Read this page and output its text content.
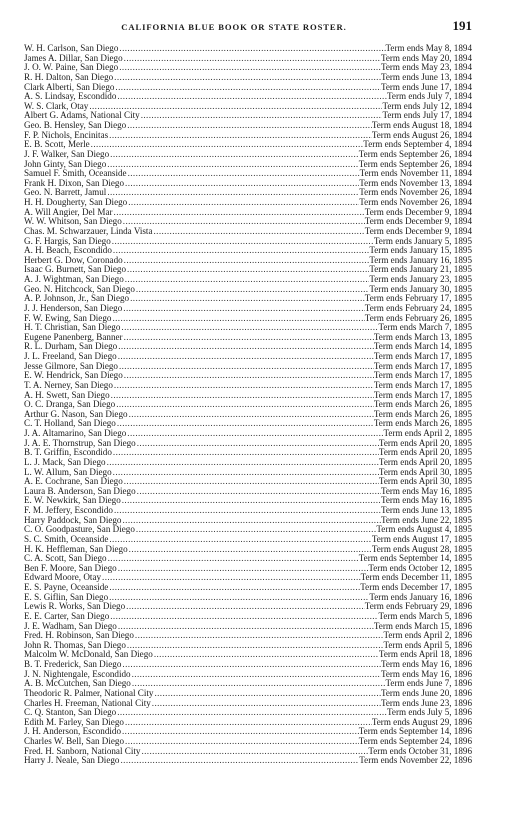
CALIFORNIA BLUE BOOK OR STATE ROSTER.	191
W. H. Carlson, San Diego .....	Term ends May 8, 1894
James A. Dillar, San Diego .....	Term ends May 20, 1894
J. O. W. Paine, San Diego .....	Term ends May 23, 1894
R. H. Dalton, San Diego .....	Term ends June 13, 1894
Clark Alberti, San Diego .....	Term ends June 17, 1894
A. S. Lindsay, Escondido .....	Term ends July 7, 1894
W. S. Clark, Otay .....	Term ends July 12, 1894
Albert G. Adams, National City .....	Term ends July 17, 1894
Geo. B. Hensley, San Diego .....	Term ends August 18, 1894
F. P. Nichols, Encinitas .....	Term ends August 26, 1894
E. B. Scott, Merle .....	Term ends September 4, 1894
J. F. Walker, San Diego .....	Term ends September 26, 1894
John Ginty, San Diego .....	Term ends September 26, 1894
Samuel F. Smith, Oceanside .....	Term ends November 11, 1894
Frank H. Dixon, San Diego .....	Term ends November 13, 1894
Geo. N. Barrett, Jamul .....	Term ends November 26, 1894
H. H. Dougherty, San Diego .....	Term ends November 26, 1894
A. Will Angier, Del Mar .....	Term ends December 9, 1894
W. W. Whitson, San Diego .....	Term ends December 9, 1894
Chas. M. Schwarzauer, Linda Vista .....	Term ends December 9, 1894
G. F. Hargis, San Diego .....	Term ends January 5, 1895
A. H. Beach, Escondido .....	Term ends January 15, 1895
Herbert G. Dow, Coronado .....	Term ends January 16, 1895
Isaac G. Burnett, San Diego .....	Term ends January 21, 1895
A. J. Wightman, San Diego .....	Term ends January 23, 1895
Geo. N. Hitchcock, San Diego .....	Term ends January 30, 1895
A. P. Johnson, Jr., San Diego .....	Term ends February 17, 1895
J. J. Henderson, San Diego .....	Term ends February 24, 1895
F. W. Ewing, San Diego .....	Term ends February 26, 1895
H. T. Christian, San Diego .....	Term ends March 7, 1895
Eugene Panenberg, Banner .....	Term ends March 13, 1895
R. L. Durham, San Diego .....	Term ends March 14, 1895
J. L. Freeland, San Diego .....	Term ends March 17, 1895
Jesse Gilmore, San Diego .....	Term ends March 17, 1895
E. W. Hendrick, San Diego .....	Term ends March 17, 1895
T. A. Nerney, San Diego .....	Term ends March 17, 1895
A. H. Swett, San Diego .....	Term ends March 17, 1895
O. C. Dranga, San Diego .....	Term ends March 26, 1895
Arthur G. Nason, San Diego .....	Term ends March 26, 1895
C. T. Holland, San Diego .....	Term ends March 26, 1895
J. A. Altamarino, San Diego .....	Term ends April 2, 1895
J. A. E. Thornstrup, San Diego .....	Term ends April 20, 1895
B. T. Griffin, Escondido .....	Term ends April 20, 1895
L. J. Mack, San Diego .....	Term ends April 20, 1895
L. W. Allum, San Diego .....	Term ends April 30, 1895
A. E. Cochrane, San Diego .....	Term ends April 30, 1895
Laura B. Anderson, San Diego .....	Term ends May 16, 1895
E. W. Newkirk, San Diego .....	Term ends May 16, 1895
F. M. Jeffery, Escondido .....	Term ends June 13, 1895
Harry Paddock, San Diego .....	Term ends June 22, 1895
C. O. Goodpasture, San Diego .....	Term ends August 4, 1895
S. C. Smith, Oceanside .....	Term ends August 17, 1895
H. K. Heffleman, San Diego .....	Term ends August 28, 1895
C. A. Scott, San Diego .....	Term ends September 14, 1895
Ben F. Moore, San Diego .....	Term ends October 12, 1895
Edward Moore, Otay .....	Term ends December 11, 1895
E. S. Payne, Oceanside .....	Term ends December 17, 1895
E. S. Giflin, San Diego .....	Term ends January 16, 1896
Lewis R. Works, San Diego .....	Term ends February 29, 1896
E. E. Carter, San Diego .....	Term ends March 5, 1896
J. E. Wadham, San Diego .....	Term ends March 15, 1896
Fred. H. Robinson, San Diego .....	Term ends April 2, 1896
John R. Thomas, San Diego .....	Term ends April 5, 1896
Malcolm W. McDonald, San Diego .....	Term ends April 18, 1896
B. T. Frederick, San Diego .....	Term ends May 16, 1896
J. N. Nightengale, Escondido .....	Term ends May 16, 1896
A. B. McCutchen, San Diego .....	Term ends June 7, 1896
Theodoric R. Palmer, National City .....	Term ends June 20, 1896
Charles H. Freeman, National City .....	Term ends June 23, 1896
C. Q. Stanton, San Diego .....	Term ends July 5, 1896
Edith M. Farley, San Diego .....	Term ends August 29, 1896
J. H. Anderson, Escondido .....	Term ends September 14, 1896
Charles W. Bell, San Diego .....	Term ends September 24, 1896
Fred. H. Sanborn, National City .....	Term ends October 31, 1896
Harry J. Neale, San Diego .....	Term ends November 22, 1896
